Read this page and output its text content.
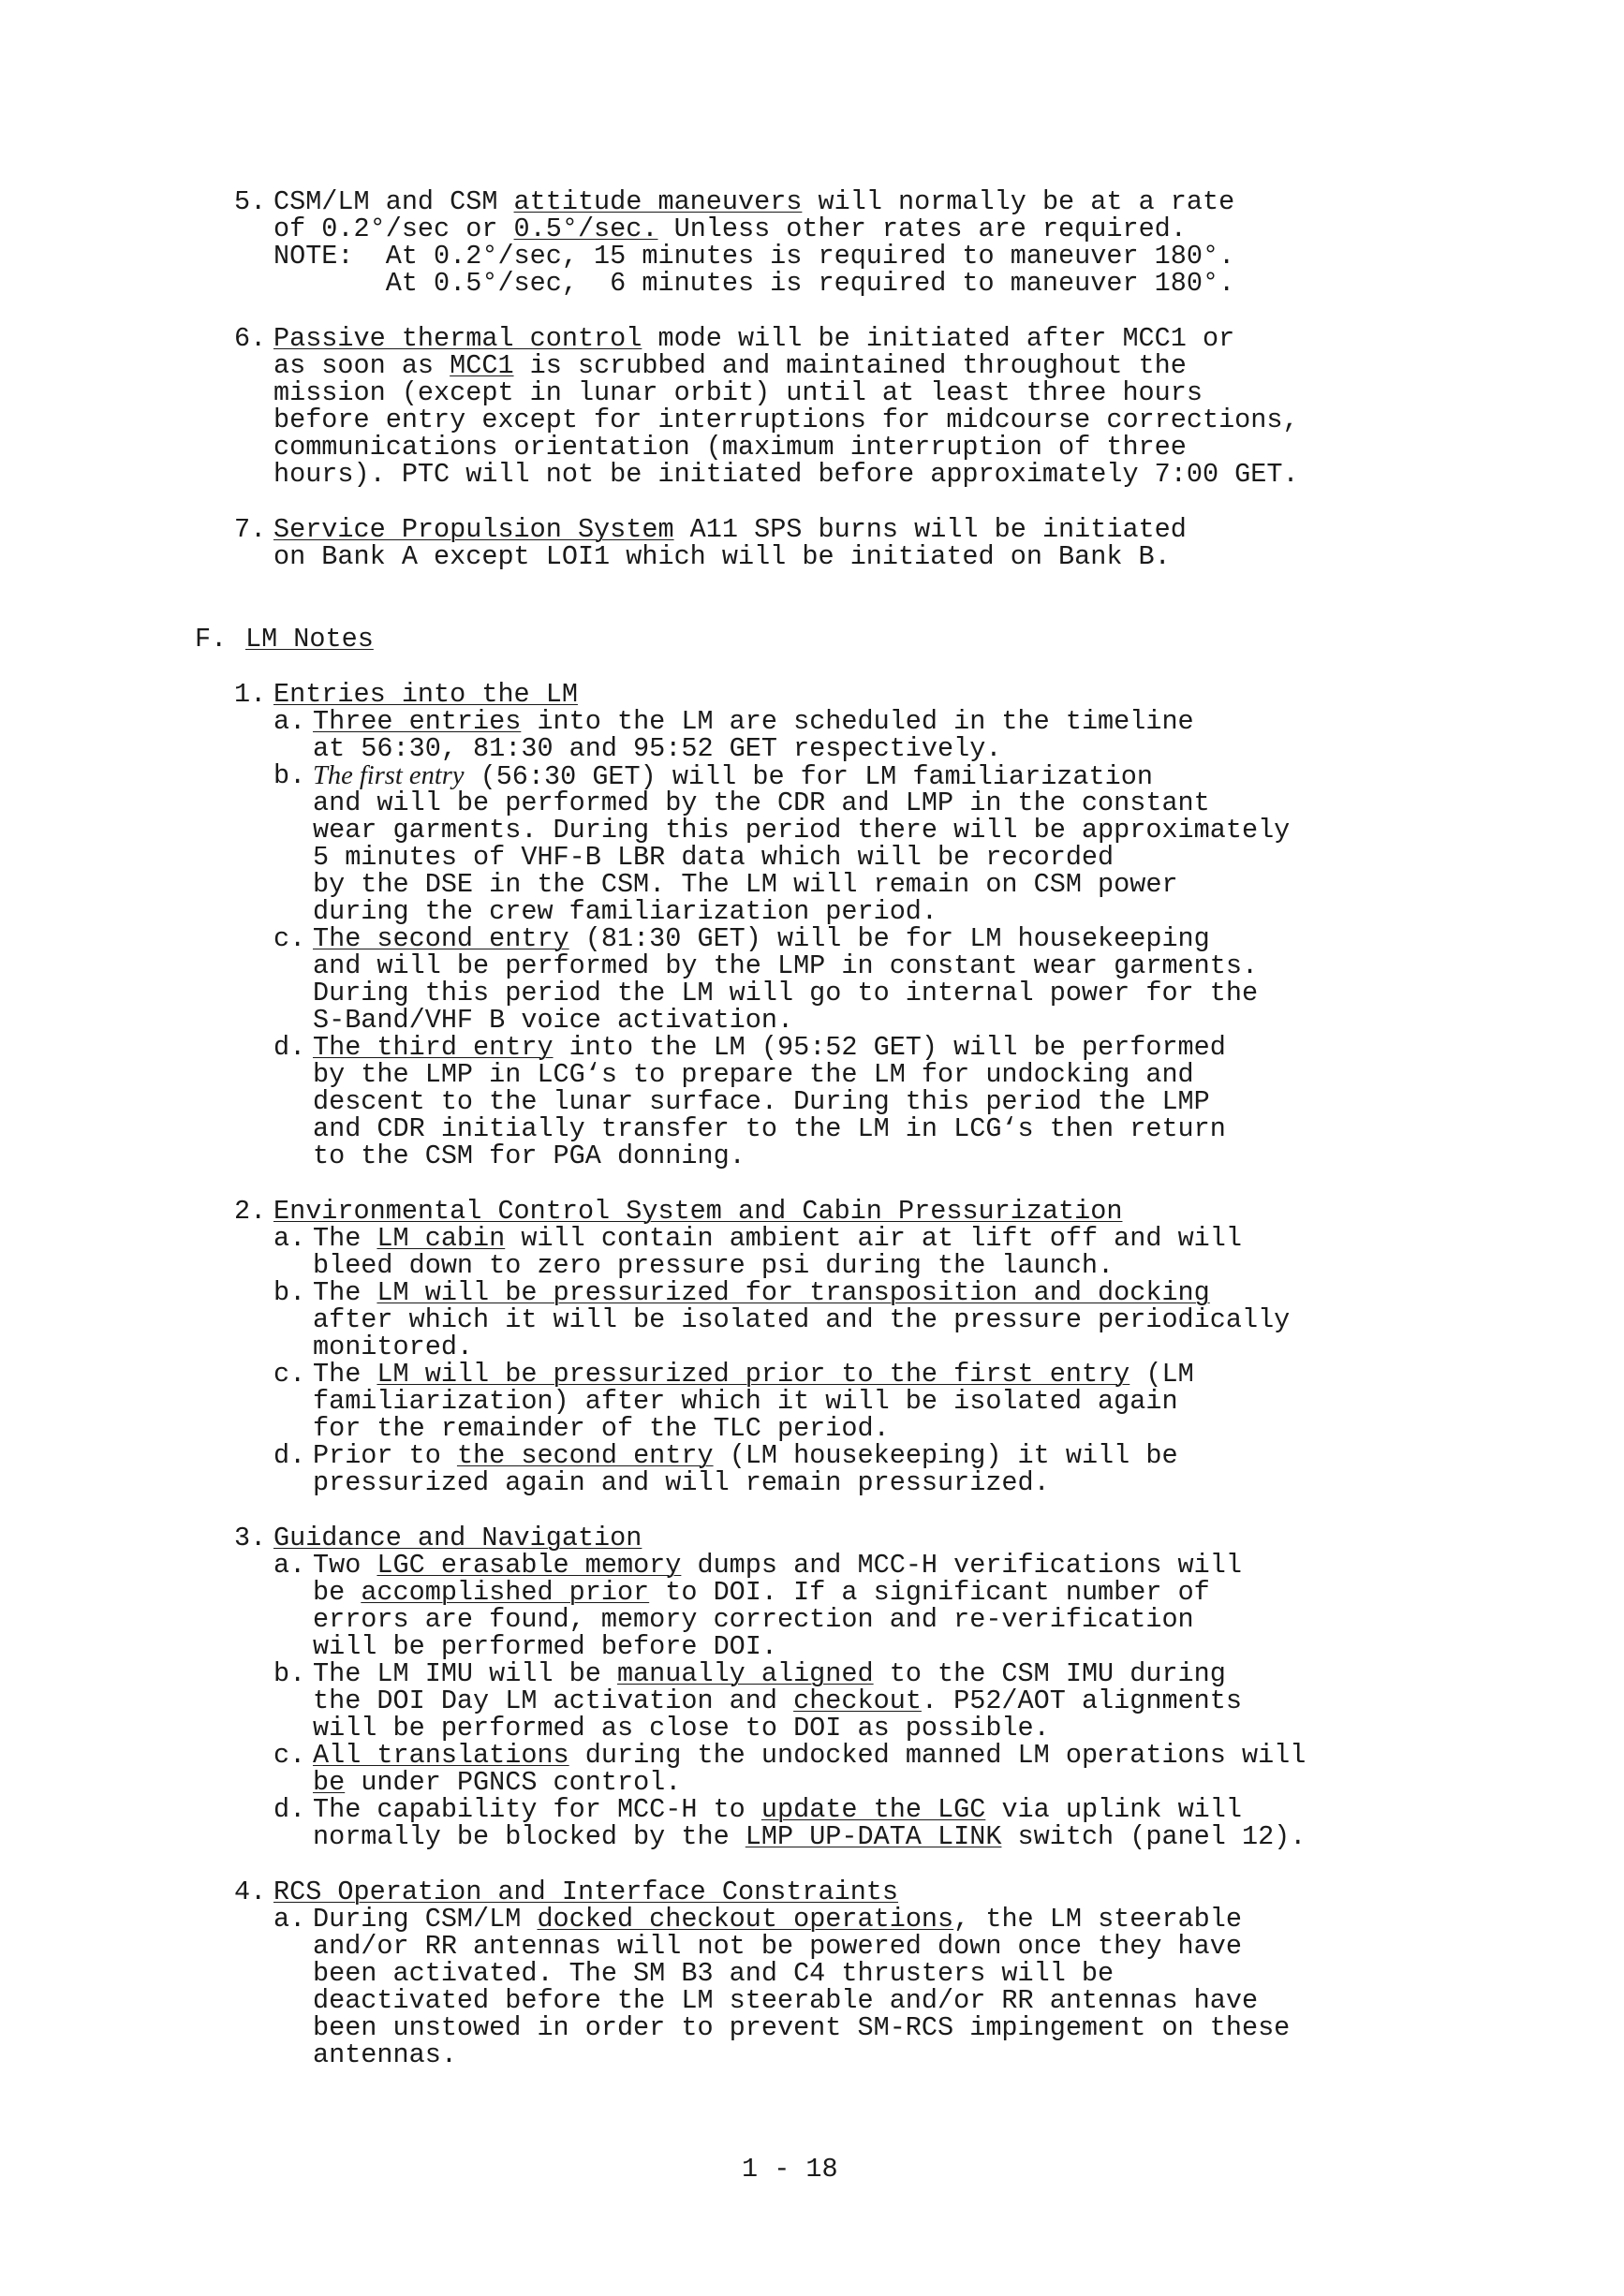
5. CSM/LM and CSM attitude maneuvers will normally be at a rate
of 0.2°/sec or 0.5°/sec. Unless other rates are required.
NOTE:  At 0.2°/sec, 15 minutes is required to maneuver 180°.
At 0.5°/sec,  6 minutes is required to maneuver 180°.
6. Passive thermal control mode will be initiated after MCC1 or
as soon as MCC1 is scrubbed and maintained throughout the
mission (except in lunar orbit) until at least three hours
before entry except for interruptions for midcourse corrections,
communications orientation (maximum interruption of three
hours). PTC will not be initiated before approximately 7:00 GET.
7. Service Propulsion System A11 SPS burns will be initiated
on Bank A except LOI1 which will be initiated on Bank B.
F. LM Notes
1. Entries into the LM
a. Three entries into the LM are scheduled in the timeline
at 56:30, 81:30 and 95:52 GET respectively.
b. The first entry (56:30 GET) will be for LM familiarization
and will be performed by the CDR and LMP in the constant
wear garments. During this period there will be approximately
5 minutes of VHF-B LBR data which will be recorded
by the DSE in the CSM. The LM will remain on CSM power
during the crew familiarization period.
c. The second entry (81:30 GET) will be for LM housekeeping
and will be performed by the LMP in constant wear garments.
During this period the LM will go to internal power for the
S-Band/VHF B voice activation.
d. The third entry into the LM (95:52 GET) will be performed
by the LMP in LCG‘s to prepare the LM for undocking and
descent to the lunar surface. During this period the LMP
and CDR initially transfer to the LM in LCG‘s then return
to the CSM for PGA donning.
2. Environmental Control System and Cabin Pressurization
a. The LM cabin will contain ambient air at lift off and will
bleed down to zero pressure psi during the launch.
b. The LM will be pressurized for transposition and docking
after which it will be isolated and the pressure periodically
monitored.
c. The LM will be pressurized prior to the first entry (LM
familiarization) after which it will be isolated again
for the remainder of the TLC period.
d. Prior to the second entry (LM housekeeping) it will be
pressurized again and will remain pressurized.
3. Guidance and Navigation
a. Two LGC erasable memory dumps and MCC-H verifications will
be accomplished prior to DOI. If a significant number of
errors are found, memory correction and re-verification
will be performed before DOI.
b. The LM IMU will be manually aligned to the CSM IMU during
the DOI Day LM activation and checkout. P52/AOT alignments
will be performed as close to DOI as possible.
c. All translations during the undocked manned LM operations will
be under PGNCS control.
d. The capability for MCC-H to update the LGC via uplink will
normally be blocked by the LMP UP-DATA LINK switch (panel 12).
4. RCS Operation and Interface Constraints
a. During CSM/LM docked checkout operations, the LM steerable
and/or RR antennas will not be powered down once they have
been activated. The SM B3 and C4 thrusters will be
deactivated before the LM steerable and/or RR antennas have
been unstowed in order to prevent SM-RCS impingement on these
antennas.
1 - 18
